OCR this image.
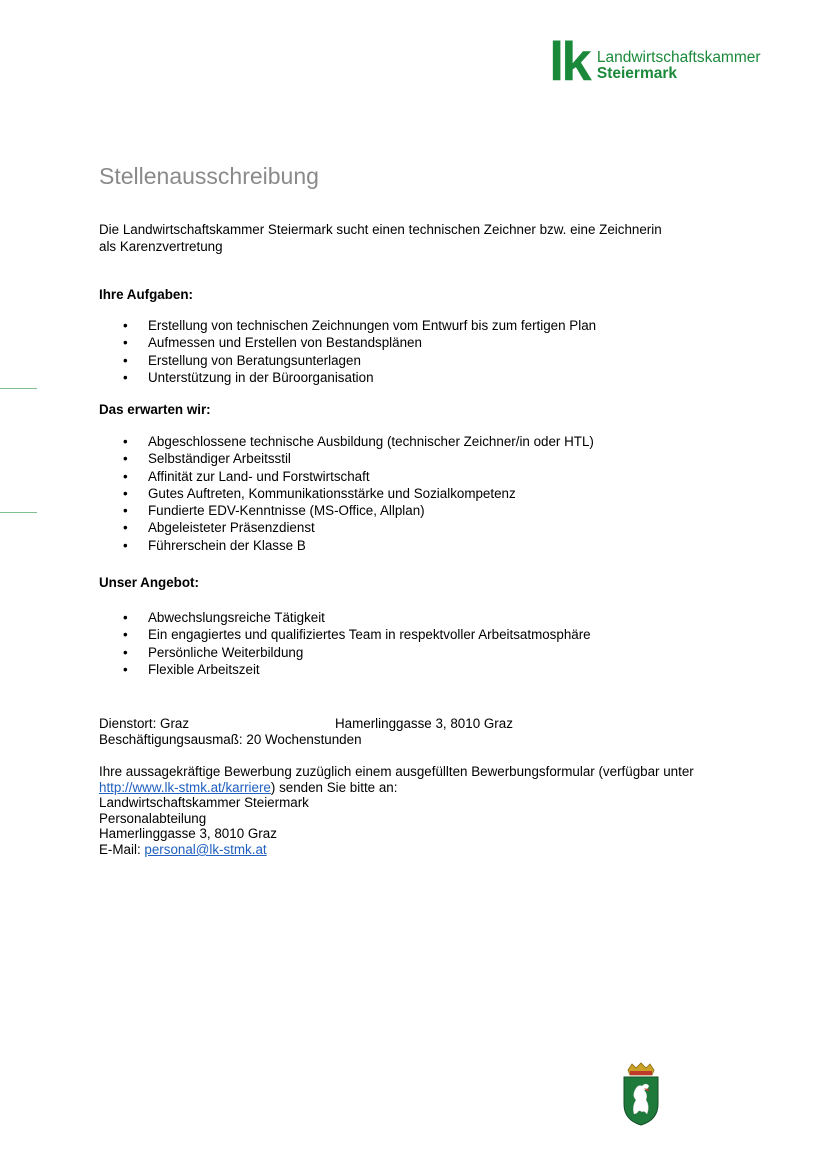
lk Landwirtschaftskammer
Steiermark
Stellenausschreibung
Die Landwirtschaftskammer Steiermark sucht einen technischen Zeichner bzw. eine Zeichnerin
als Karenzvertretung
Ihre Aufgaben:
• Erstellung von technischen Zeichnungen vom Entwurf bis zum fertigen Plan
• Aufmessen und Erstellen von Bestandsplänen
• Erstellung von Beratungsunterlagen
• Unterstützung in der Büroorganisation
Das erwarten wir:
• Abgeschlossene technische Ausbildung (technischer Zeichner/in oder HTL)
• Selbständiger Arbeitsstil
• Affinität zur Land- und Forstwirtschaft
• Gutes Auftreten, Kommunikationsstärke und Sozialkompetenz
• Fundierte EDV-Kenntnisse (MS-Office, Allplan)
• Abgeleisteter Präsenzdienst
• Führerschein der Klasse B
Unser Angebot:
• Abwechslungsreiche Tätigkeit
• Ein engagiertes und qualifiziertes Team in respektvoller Arbeitsatmosphäre
• Persönliche Weiterbildung
• Flexible Arbeitszeit
Dienstort: Graz	Hamerlinggasse 3, 8010 Graz
Beschäftigungsausmaß: 20 Wochenstunden
Ihre aussagekräftige Bewerbung zuzüglich einem ausgefüllten Bewerbungsformular (verfügbar unter
http://www.lk-stmk.at/karriere) senden Sie bitte an:
Landwirtschaftskammer Steiermark
Personalabteilung
Hamerlinggasse 3, 8010 Graz
E-Mail: personal@lk-stmk.at
